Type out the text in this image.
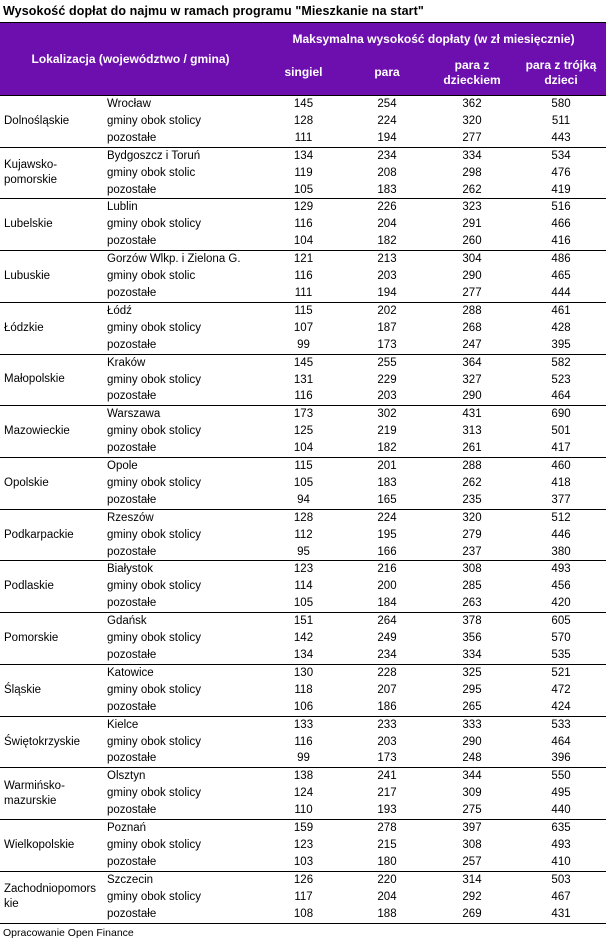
Wysokość dopłat do najmu w ramach programu "Mieszkanie na start"
Lokalizacja (województwo / gmina)		Maksymalna wysokość dopłaty (w zł miesięcznie)			
		singiel	para	para z dzieckiem	para z trójką dzieci
Dolnośląskie	Wrocław	145	254	362	580
	gminy obok stolicy	128	224	320	511
	pozostałe	111	194	277	443
Kujawsko-pomorskie	Bydgoszcz i Toruń	134	234	334	534
	gminy obok stolic	119	208	298	476
	pozostałe	105	183	262	419
Lubelskie	Lublin	129	226	323	516
	gminy obok stolicy	116	204	291	466
	pozostałe	104	182	260	416
Lubuskie	Gorzów Wlkp. i Zielona G.	121	213	304	486
	gminy obok stolic	116	203	290	465
	pozostałe	111	194	277	444
Łódzkie	Łódź	115	202	288	461
	gminy obok stolicy	107	187	268	428
	pozostałe	99	173	247	395
Małopolskie	Kraków	145	255	364	582
	gminy obok stolicy	131	229	327	523
	pozostałe	116	203	290	464
Mazowieckie	Warszawa	173	302	431	690
	gminy obok stolicy	125	219	313	501
	pozostałe	104	182	261	417
Opolskie	Opole	115	201	288	460
	gminy obok stolicy	105	183	262	418
	pozostałe	94	165	235	377
Podkarpackie	Rzeszów	128	224	320	512
	gminy obok stolicy	112	195	279	446
	pozostałe	95	166	237	380
Podlaskie	Białystok	123	216	308	493
	gminy obok stolicy	114	200	285	456
	pozostałe	105	184	263	420
Pomorskie	Gdańsk	151	264	378	605
	gminy obok stolicy	142	249	356	570
	pozostałe	134	234	334	535
Śląskie	Katowice	130	228	325	521
	gminy obok stolicy	118	207	295	472
	pozostałe	106	186	265	424
Świętokrzyskie	Kielce	133	233	333	533
	gminy obok stolicy	116	203	290	464
	pozostałe	99	173	248	396
Warmińsko-mazurskie	Olsztyn	138	241	344	550
	gminy obok stolicy	124	217	309	495
	pozostałe	110	193	275	440
Wielkopolskie	Poznań	159	278	397	635
	gminy obok stolicy	123	215	308	493
	pozostałe	103	180	257	410
Zachodniopomorskie	Szczecin	126	220	314	503
	gminy obok stolicy	117	204	292	467
	pozostałe	108	188	269	431
Opracowanie Open Finance
